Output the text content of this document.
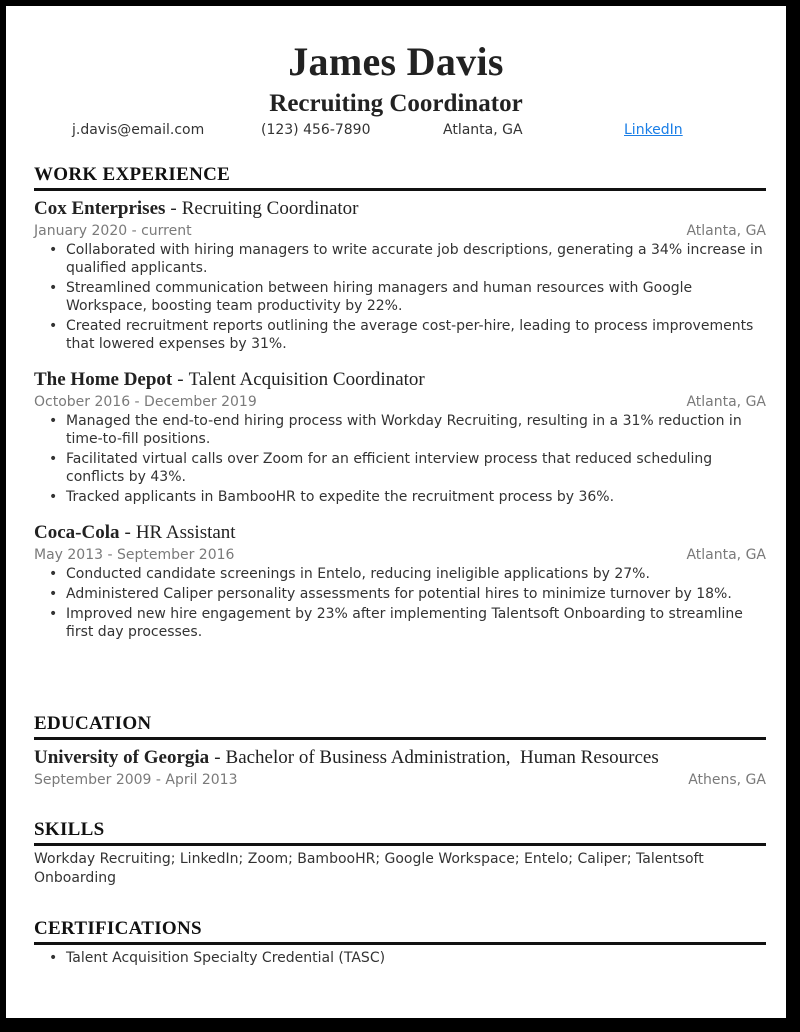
James Davis
Recruiting Coordinator
j.davis@email.com	(123) 456-7890	Atlanta, GA	LinkedIn
WORK EXPERIENCE
Cox Enterprises - Recruiting Coordinator
January 2020 - current	Atlanta, GA
• Collaborated with hiring managers to write accurate job descriptions, generating a 34% increase in qualified applicants.
• Streamlined communication between hiring managers and human resources with Google Workspace, boosting team productivity by 22%.
• Created recruitment reports outlining the average cost-per-hire, leading to process improvements that lowered expenses by 31%.
The Home Depot - Talent Acquisition Coordinator
October 2016 - December 2019	Atlanta, GA
• Managed the end-to-end hiring process with Workday Recruiting, resulting in a 31% reduction in time-to-fill positions.
• Facilitated virtual calls over Zoom for an efficient interview process that reduced scheduling conflicts by 43%.
• Tracked applicants in BambooHR to expedite the recruitment process by 36%.
Coca-Cola - HR Assistant
May 2013 - September 2016	Atlanta, GA
• Conducted candidate screenings in Entelo, reducing ineligible applications by 27%.
• Administered Caliper personality assessments for potential hires to minimize turnover by 18%.
• Improved new hire engagement by 23% after implementing Talentsoft Onboarding to streamline first day processes.
EDUCATION
University of Georgia - Bachelor of Business Administration,  Human Resources
September 2009 - April 2013	Athens, GA
SKILLS
Workday Recruiting; LinkedIn; Zoom; BambooHR; Google Workspace; Entelo; Caliper; Talentsoft Onboarding
CERTIFICATIONS
• Talent Acquisition Specialty Credential (TASC)
